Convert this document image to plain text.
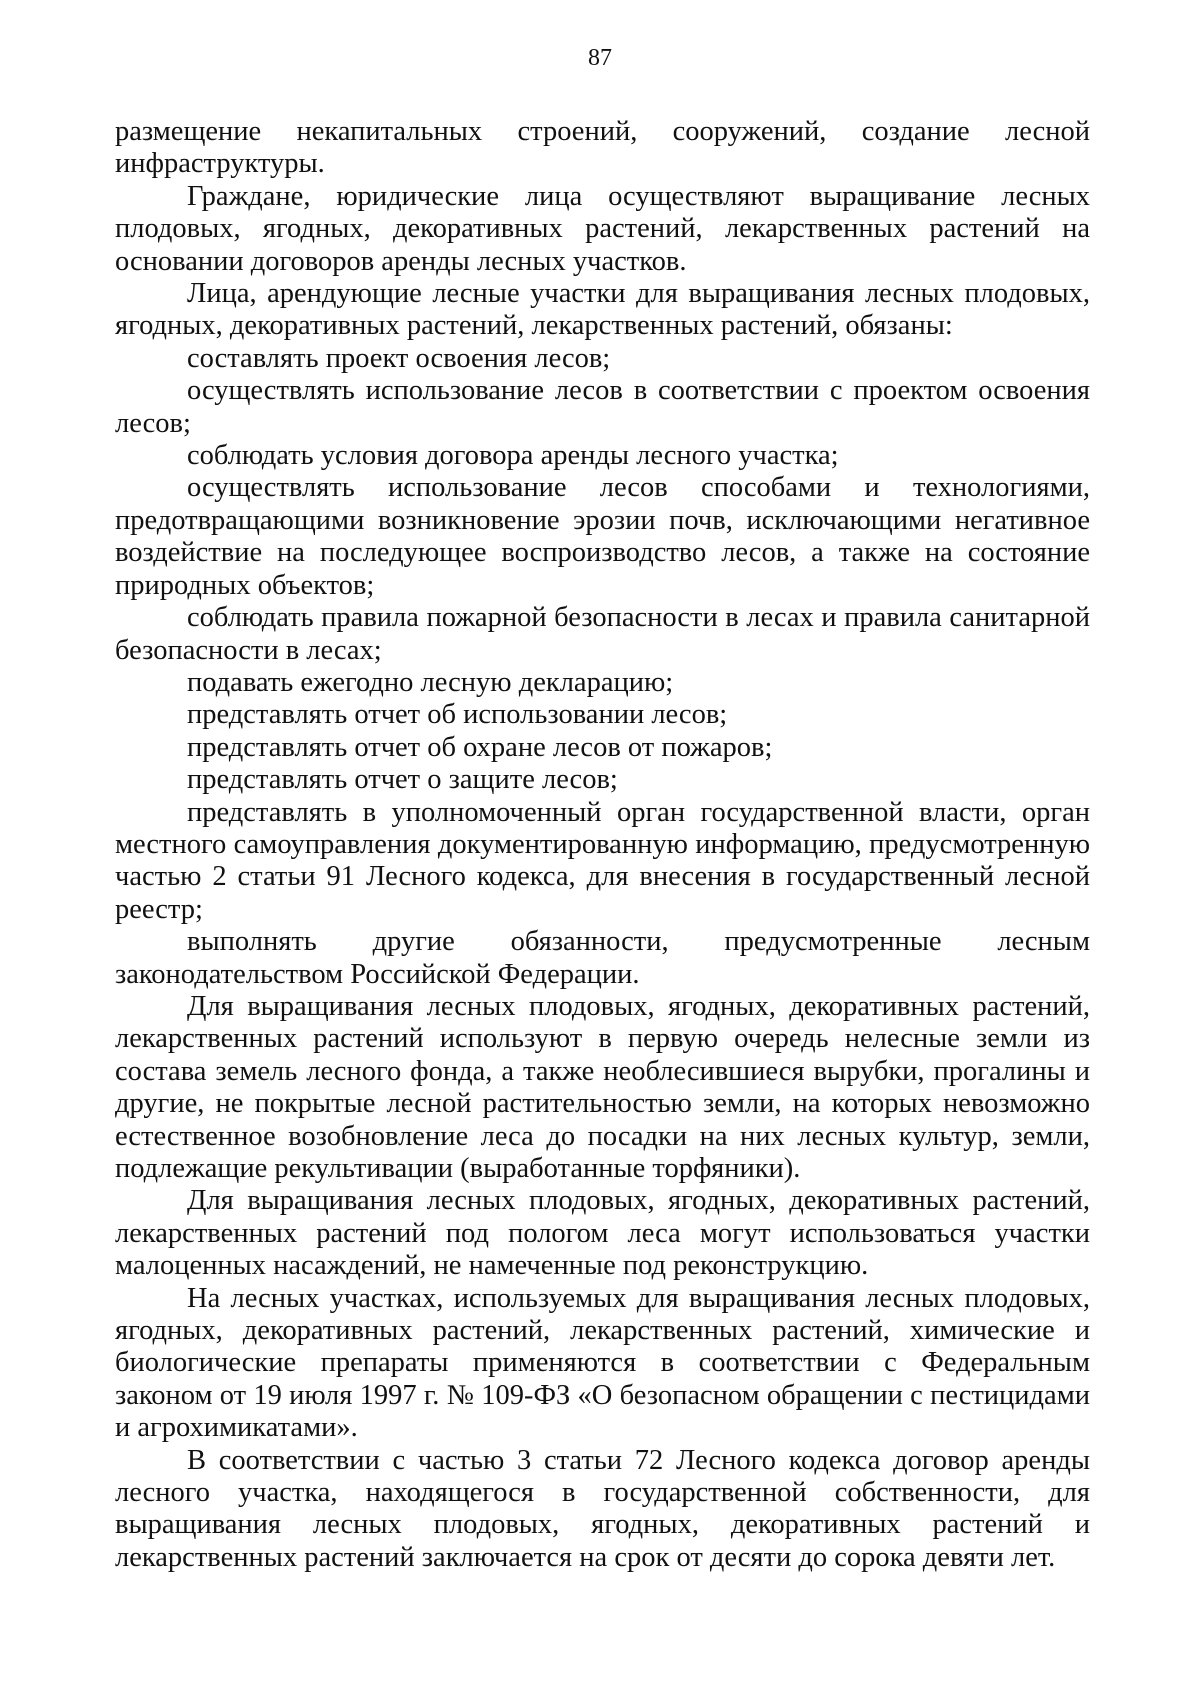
87

размещение некапитальных строений, сооружений, создание лесной инфраструктуры.

Граждане, юридические лица осуществляют выращивание лесных плодовых, ягодных, декоративных растений, лекарственных растений на основании договоров аренды лесных участков.

Лица, арендующие лесные участки для выращивания лесных плодовых, ягодных, декоративных растений, лекарственных растений, обязаны:

составлять проект освоения лесов;

осуществлять использование лесов в соответствии с проектом освоения лесов;

соблюдать условия договора аренды лесного участка;

осуществлять использование лесов способами и технологиями, предотвращающими возникновение эрозии почв, исключающими негативное воздействие на последующее воспроизводство лесов, а также на состояние природных объектов;

соблюдать правила пожарной безопасности в лесах и правила санитарной безопасности в лесах;

подавать ежегодно лесную декларацию;

представлять отчет об использовании лесов;

представлять отчет об охране лесов от пожаров;

представлять отчет о защите лесов;

представлять в уполномоченный орган государственной власти, орган местного самоуправления документированную информацию, предусмотренную частью 2 статьи 91 Лесного кодекса, для внесения в государственный лесной реестр;

выполнять другие обязанности, предусмотренные лесным законодательством Российской Федерации.

Для выращивания лесных плодовых, ягодных, декоративных растений, лекарственных растений используют в первую очередь нелесные земли из состава земель лесного фонда, а также необлесившиеся вырубки, прогалины и другие, не покрытые лесной растительностью земли, на которых невозможно естественное возобновление леса до посадки на них лесных культур, земли, подлежащие рекультивации (выработанные торфяники).

Для выращивания лесных плодовых, ягодных, декоративных растений, лекарственных растений под пологом леса могут использоваться участки малоценных насаждений, не намеченные под реконструкцию.

На лесных участках, используемых для выращивания лесных плодовых, ягодных, декоративных растений, лекарственных растений, химические и биологические препараты применяются в соответствии с Федеральным законом от 19 июля 1997 г. № 109-ФЗ «О безопасном обращении с пестицидами и агрохимикатами».

В соответствии с частью 3 статьи 72 Лесного кодекса договор аренды лесного участка, находящегося в государственной собственности, для выращивания лесных плодовых, ягодных, декоративных растений и лекарственных растений заключается на срок от десяти до сорока девяти лет.
